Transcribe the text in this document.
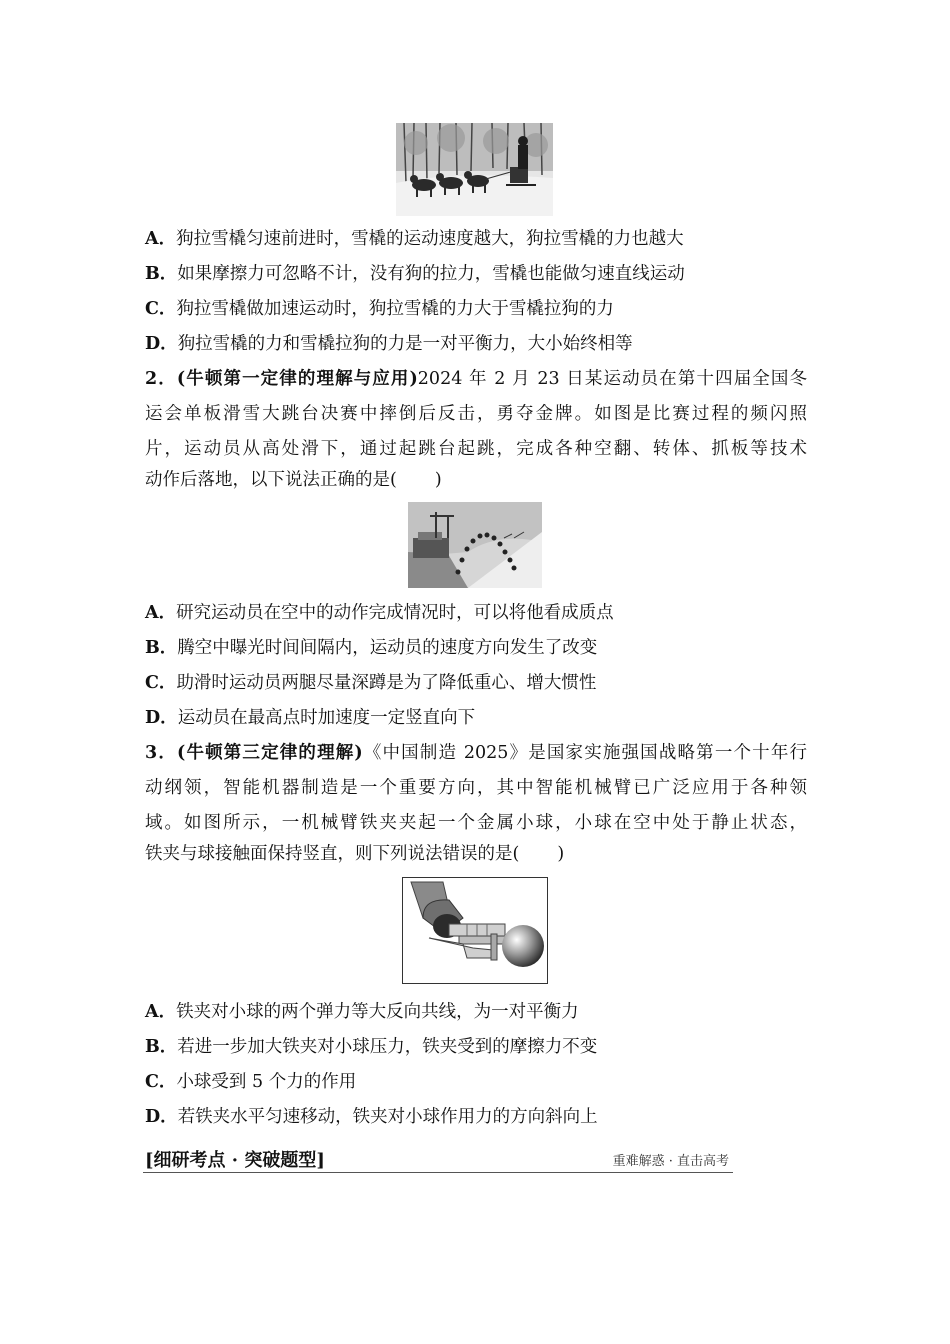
A．狗拉雪橇匀速前进时，雪橇的运动速度越大，狗拉雪橇的力也越大
B．如果摩擦力可忽略不计，没有狗的拉力，雪橇也能做匀速直线运动
C．狗拉雪橇做加速运动时，狗拉雪橇的力大于雪橇拉狗的力
D．狗拉雪橇的力和雪橇拉狗的力是一对平衡力，大小始终相等
2．(牛顿第一定律的理解与应用)2024 年 2 月 23 日某运动员在第十四届全国冬
运会单板滑雪大跳台决赛中摔倒后反击，勇夺金牌。如图是比赛过程的频闪照
片，运动员从高处滑下，通过起跳台起跳，完成各种空翻、转体、抓板等技术
动作后落地，以下说法正确的是( )
A．研究运动员在空中的动作完成情况时，可以将他看成质点
B．腾空中曝光时间间隔内，运动员的速度方向发生了改变
C．助滑时运动员两腿尽量深蹲是为了降低重心、增大惯性
D．运动员在最高点时加速度一定竖直向下
3．(牛顿第三定律的理解)《中国制造 2025》是国家实施强国战略第一个十年行
动纲领，智能机器制造是一个重要方向，其中智能机械臂已广泛应用于各种领
域。如图所示，一机械臂铁夹夹起一个金属小球，小球在空中处于静止状态，
铁夹与球接触面保持竖直，则下列说法错误的是( )
A．铁夹对小球的两个弹力等大反向共线，为一对平衡力
B．若进一步加大铁夹对小球压力，铁夹受到的摩擦力不变
C．小球受到 5 个力的作用
D．若铁夹水平匀速移动，铁夹对小球作用力的方向斜向上
[细研考点 · 突破题型]	重难解惑 · 直击高考
